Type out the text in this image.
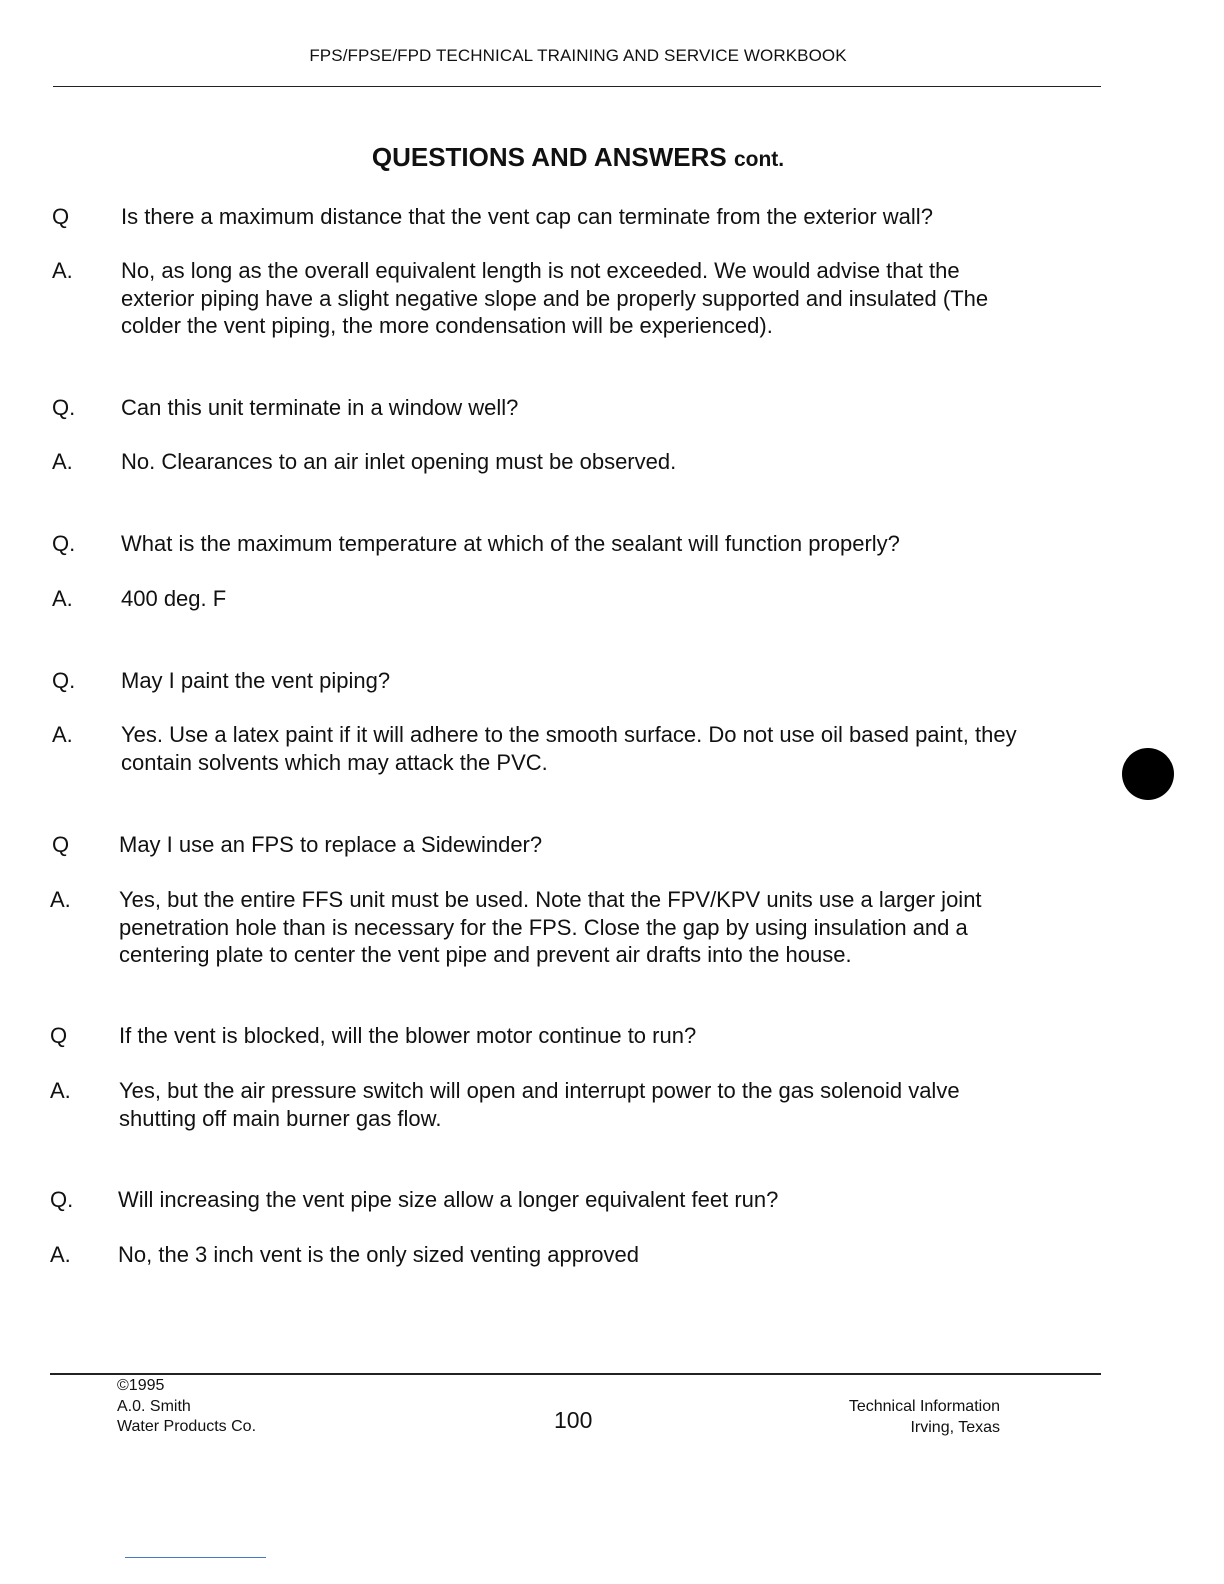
FPS/FPSE/FPD TECHNICAL TRAINING AND SERVICE WORKBOOK
QUESTIONS AND ANSWERS cont.
Q Is there a maximum distance that the vent cap can terminate from the exterior wall?
A. No, as long as the overall equivalent length is not exceeded. We would advise that the
exterior piping have a slight negative slope and be properly supported and insulated (The
colder the vent piping, the more condensation will be experienced).
Q. Can this unit terminate in a window well?
A. No. Clearances to an air inlet opening must be observed.
Q. What is the maximum temperature at which of the sealant will function properly?
A. 400 deg. F
Q. May I paint the vent piping?
A. Yes. Use a latex paint if it will adhere to the smooth surface. Do not use oil based paint, they
contain solvents which may attack the PVC.
Q May I use an FPS to replace a Sidewinder?
A. Yes, but the entire FFS unit must be used. Note that the FPV/KPV units use a larger joint
penetration hole than is necessary for the FPS. Close the gap by using insulation and a
centering plate to center the vent pipe and prevent air drafts into the house.
Q If the vent is blocked, will the blower motor continue to run?
A. Yes, but the air pressure switch will open and interrupt power to the gas solenoid valve
shutting off main burner gas flow.
Q. Will increasing the vent pipe size allow a longer equivalent feet run?
A. No, the 3 inch vent is the only sized venting approved
©1995
A.0. Smith
Water Products Co.	100
Technical Information
Irving, Texas
